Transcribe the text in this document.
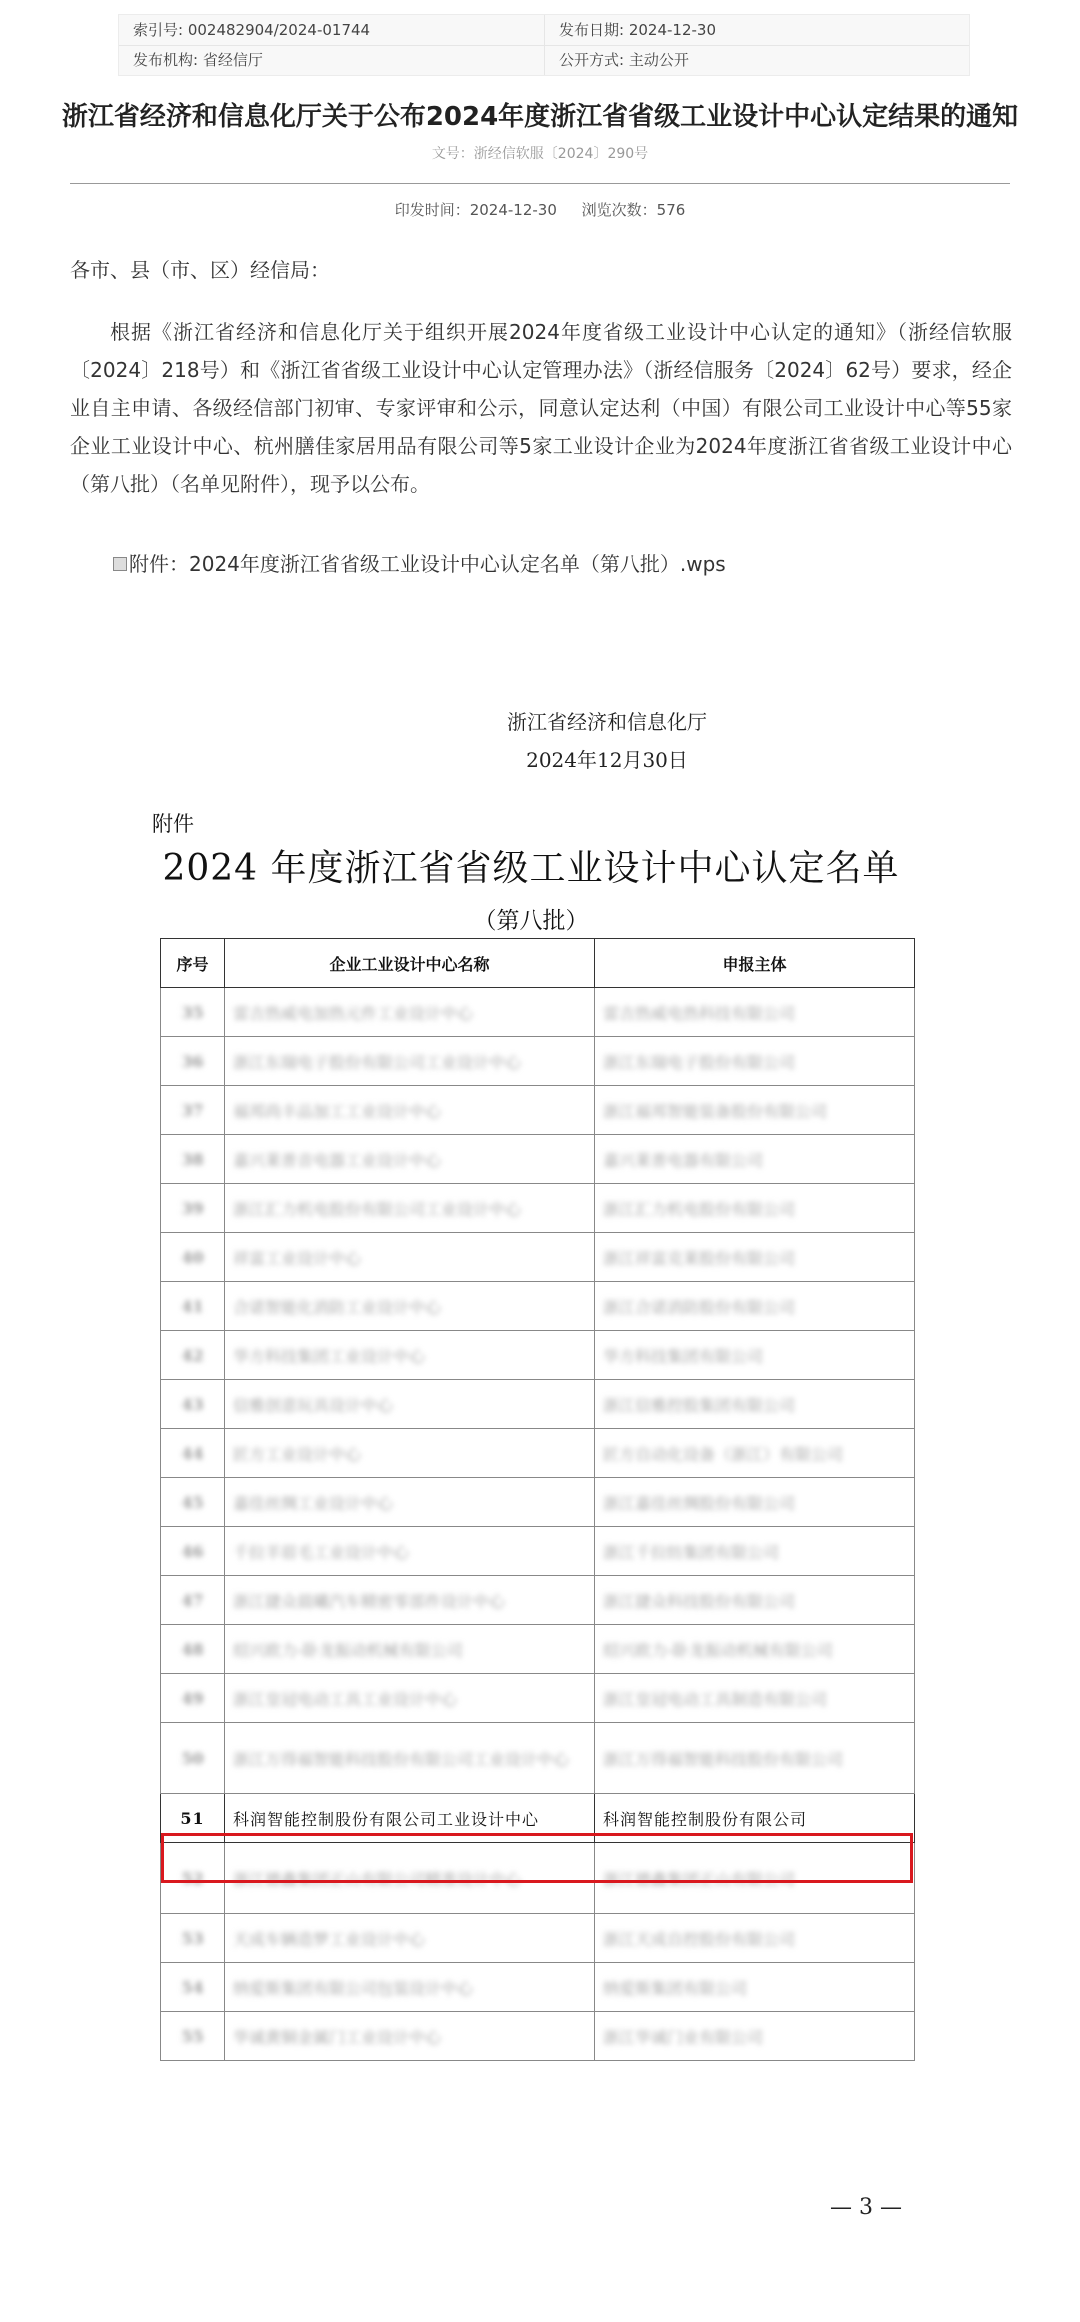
索引号: 002482904/2024-01744	发布日期: 2024-12-30
发布机构: 省经信厅	公开方式: 主动公开
浙江省经济和信息化厅关于公布2024年度浙江省省级工业设计中心认定结果的通知
文号：浙经信软服〔2024〕290号
印发时间：2024-12-30 浏览次数：576
各市、县（市、区）经信局：
根据《浙江省经济和信息化厅关于组织开展2024年度省级工业设计中心认定的通知》（浙经信软服〔2024〕218号）和《浙江省省级工业设计中心认定管理办法》（浙经信服务〔2024〕62号）要求，经企业自主申请、各级经信部门初审、专家评审和公示，同意认定达利（中国）有限公司工业设计中心等55家企业工业设计中心、杭州膳佳家居用品有限公司等5家工业设计企业为2024年度浙江省省级工业设计中心（第八批）（名单见附件），现予以公布。
附件：2024年度浙江省省级工业设计中心认定名单（第八批）.wps
浙江省经济和信息化厅
2024年12月30日
附件
2024 年度浙江省省级工业设计中心认定名单
（第八批）
序号	企业工业设计中心名称	申报主体
35	雷吉热威电加热元件工业设计中心	雷吉热威电热科技有限公司
36	浙江东瑞电子股份有限公司工业设计中心	浙江东瑞电子股份有限公司
37	福邦尚丰品加工工业设计中心	浙江福邦智能装备股份有限公司
38	嘉兴莱普音电器工业设计中心	嘉兴莱普电器有限公司
39	浙江汇力机电股份有限公司工业设计中心	浙江汇力机电股份有限公司
40	祥富工业设计中心	浙江祥富克莱股份有限公司
41	合诺智能化消防工业设计中心	浙江合诺消防股份有限公司
42	华方科技集团工业设计中心	华方科技集团有限公司
43	信雅创意玩具设计中心	浙江信雅控股集团有限公司
44	匠方工业设计中心	匠方自动化设备（浙江）有限公司
45	嘉佳丝绸工业设计中心	浙江嘉佳丝绸股份有限公司
46	千拉羊眉毛工业设计中心	浙江千拉纺集团有限公司
47	浙江捷众晨曦汽车精密零部件设计中心	浙江捷众科技股份有限公司
48	绍兴欧力-卧龙振动机械有限公司	绍兴欧力-卧龙振动机械有限公司
49	浙江皇冠电动工具工业设计中心	浙江皇冠电动工具制造有限公司
50	浙江万得福智能科技股份有限公司工业设计中心	浙江万得福智能科技股份有限公司
51	科润智能控制股份有限公司工业设计中心	科润智能控制股份有限公司
52	浙江德鑫集团正山有限公司精准设计中心	浙江德鑫集团正山有限公司
53	天成车辆造梦工业设计中心	浙江天成自控股份有限公司
54	纳爱斯集团有限公司包装设计中心	纳爱斯集团有限公司
55	华诚黄铜金属门工业设计中心	浙江华诚门业有限公司
— 3 —
